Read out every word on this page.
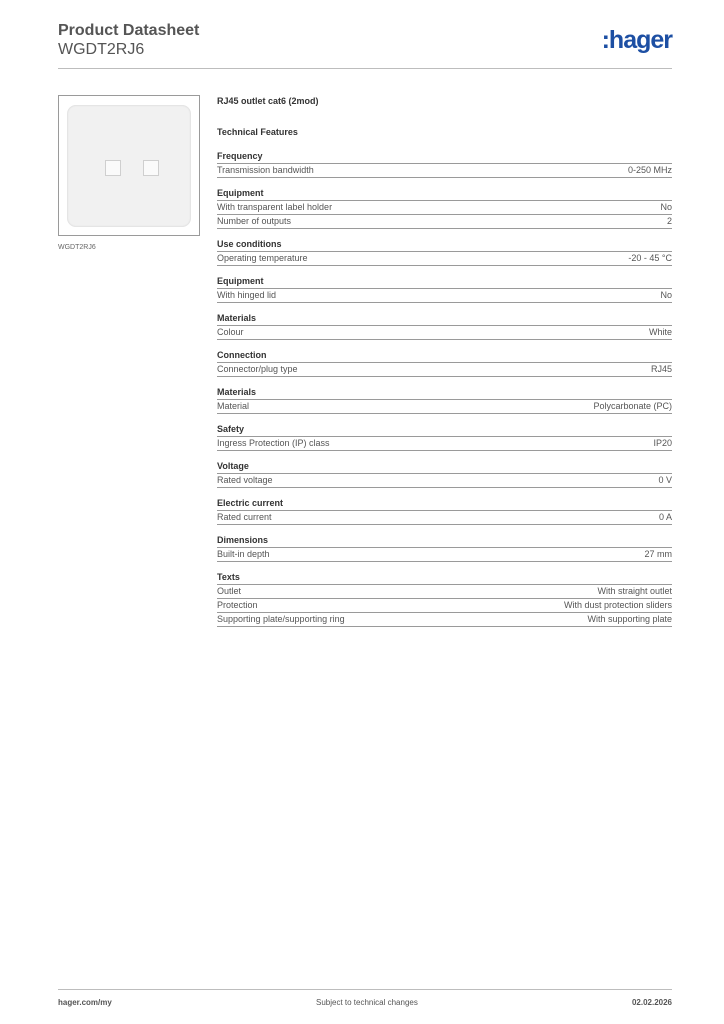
Product Datasheet
WGDT2RJ6	:hager
WGDT2RJ6
RJ45 outlet cat6 (2mod)
Technical Features
Frequency
Transmission bandwidth	0-250 MHz
Equipment
With transparent label holder	No
Number of outputs	2
Use conditions
Operating temperature	-20 - 45 °C
Equipment
With hinged lid	No
Materials
Colour	White
Connection
Connector/plug type	RJ45
Materials
Material	Polycarbonate (PC)
Safety
Ingress Protection (IP) class	IP20
Voltage
Rated voltage	0 V
Electric current
Rated current	0 A
Dimensions
Built-in depth	27 mm
Texts
Outlet	With straight outlet
Protection	With dust protection sliders
Supporting plate/supporting ring	With supporting plate
hager.com/my	Subject to technical changes	02.02.2026
